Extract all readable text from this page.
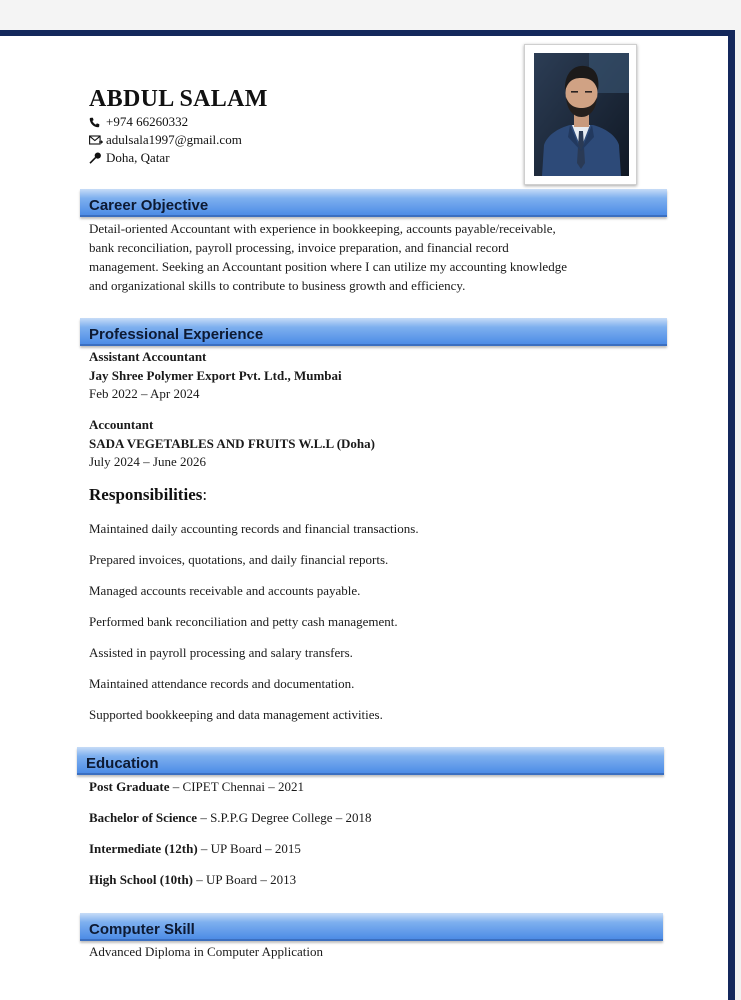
ABDUL SALAM
+974 66260332
adulsala1997@gmail.com
Doha, Qatar
Career Objective
Detail-oriented Accountant with experience in bookkeeping, accounts payable/receivable,
bank reconciliation, payroll processing, invoice preparation, and financial record
management. Seeking an Accountant position where I can utilize my accounting knowledge
and organizational skills to contribute to business growth and efficiency.
Professional Experience
Assistant Accountant
Jay Shree Polymer Export Pvt. Ltd., Mumbai
Feb 2022 – Apr 2024
Accountant
SADA VEGETABLES AND FRUITS W.L.L (Doha)
July 2024 – June 2026
Responsibilities:
Maintained daily accounting records and financial transactions.
Prepared invoices, quotations, and daily financial reports.
Managed accounts receivable and accounts payable.
Performed bank reconciliation and petty cash management.
Assisted in payroll processing and salary transfers.
Maintained attendance records and documentation.
Supported bookkeeping and data management activities.
Education
Post Graduate – CIPET Chennai – 2021
Bachelor of Science – S.P.P.G Degree College – 2018
Intermediate (12th) – UP Board – 2015
High School (10th) – UP Board – 2013
Computer Skill
Advanced Diploma in Computer Application
